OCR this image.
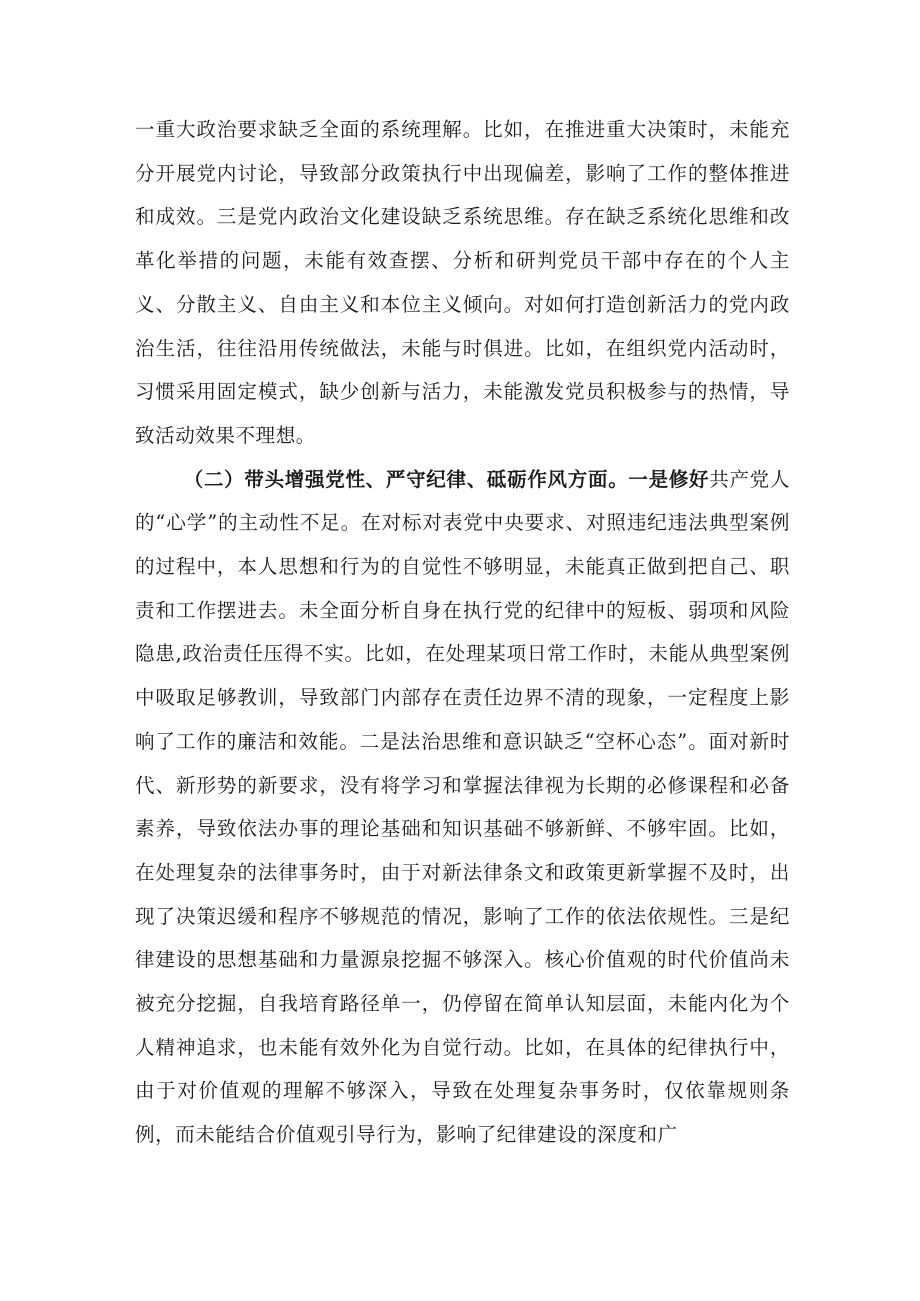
一重大政治要求缺乏全面的系统理解。比如，在推进重大决策时，未能充分开展党内讨论，导致部分政策执行中出现偏差，影响了工作的整体推进和成效。三是党内政治文化建设缺乏系统思维。存在缺乏系统化思维和改革化举措的问题，未能有效查摆、分析和研判党员干部中存在的个人主义、分散主义、自由主义和本位主义倾向。对如何打造创新活力的党内政治生活，往往沿用传统做法，未能与时俱进。比如，在组织党内活动时，习惯采用固定模式，缺少创新与活力，未能激发党员积极参与的热情，导致活动效果不理想。

（二）带头增强党性、严守纪律、砥砺作风方面。一是修好共产党人的“心学”的主动性不足。在对标对表党中央要求、对照违纪违法典型案例的过程中，本人思想和行为的自觉性不够明显，未能真正做到把自己、职责和工作摆进去。未全面分析自身在执行党的纪律中的短板、弱项和风险隐患,政治责任压得不实。比如，在处理某项日常工作时，未能从典型案例中吸取足够教训，导致部门内部存在责任边界不清的现象，一定程度上影响了工作的廉洁和效能。二是法治思维和意识缺乏“空杯心态”。面对新时代、新形势的新要求，没有将学习和掌握法律视为长期的必修课程和必备素养，导致依法办事的理论基础和知识基础不够新鲜、不够牢固。比如，在处理复杂的法律事务时，由于对新法律条文和政策更新掌握不及时，出现了决策迟缓和程序不够规范的情况，影响了工作的依法依规性。三是纪律建设的思想基础和力量源泉挖掘不够深入。核心价值观的时代价值尚未被充分挖掘，自我培育路径单一，仍停留在简单认知层面，未能内化为个人精神追求，也未能有效外化为自觉行动。比如，在具体的纪律执行中，由于对价值观的理解不够深入，导致在处理复杂事务时，仅依靠规则条例，而未能结合价值观引导行为，影响了纪律建设的深度和广
